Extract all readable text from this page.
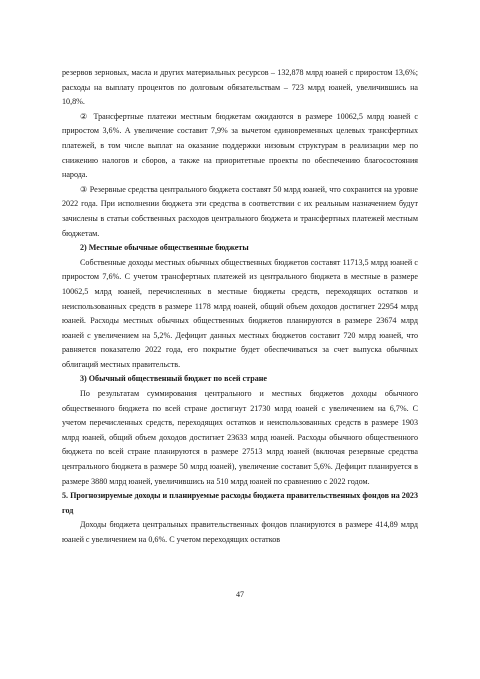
резервов зерновых, масла и других материальных ресурсов – 132,878 млрд юаней с приростом 13,6%; расходы на выплату процентов по долговым обязательствам – 723 млрд юаней, увеличившись на 10,8%.

② Трансфертные платежи местным бюджетам ожидаются в размере 10062,5 млрд юаней с приростом 3,6%. А увеличение составит 7,9% за вычетом единовременных целевых трансфертных платежей, в том числе выплат на оказание поддержки низовым структурам в реализации мер по снижению налогов и сборов, а также на приоритетные проекты по обеспечению благосостояния народа.

③ Резервные средства центрального бюджета составят 50 млрд юаней, что сохранится на уровне 2022 года. При исполнении бюджета эти средства в соответствии с их реальным назначением будут зачислены в статьи собственных расходов центрального бюджета и трансфертных платежей местным бюджетам.

2) Местные обычные общественные бюджеты

Собственные доходы местных обычных общественных бюджетов составят 11713,5 млрд юаней с приростом 7,6%. С учетом трансфертных платежей из центрального бюджета в местные в размере 10062,5 млрд юаней, перечисленных в местные бюджеты средств, переходящих остатков и неиспользованных средств в размере 1178 млрд юаней, общий объем доходов достигнет 22954 млрд юаней. Расходы местных обычных общественных бюджетов планируются в размере 23674 млрд юаней с увеличением на 5,2%. Дефицит данных местных бюджетов составит 720 млрд юаней, что равняется показателю 2022 года, его покрытие будет обеспечиваться за счет выпуска обычных облигаций местных правительств.

3) Обычный общественный бюджет по всей стране

По результатам суммирования центрального и местных бюджетов доходы обычного общественного бюджета по всей стране достигнут 21730 млрд юаней с увеличением на 6,7%. С учетом перечисленных средств, переходящих остатков и неиспользованных средств в размере 1903 млрд юаней, общий объем доходов достигнет 23633 млрд юаней. Расходы обычного общественного бюджета по всей стране планируются в размере 27513 млрд юаней (включая резервные средства центрального бюджета в размере 50 млрд юаней), увеличение составит 5,6%. Дефицит планируется в размере 3880 млрд юаней, увеличившись на 510 млрд юаней по сравнению с 2022 годом.

5. Прогнозируемые доходы и планируемые расходы бюджета правительственных фондов на 2023 год

Доходы бюджета центральных правительственных фондов планируются в размере 414,89 млрд юаней с увеличением на 0,6%. С учетом переходящих остатков

47
